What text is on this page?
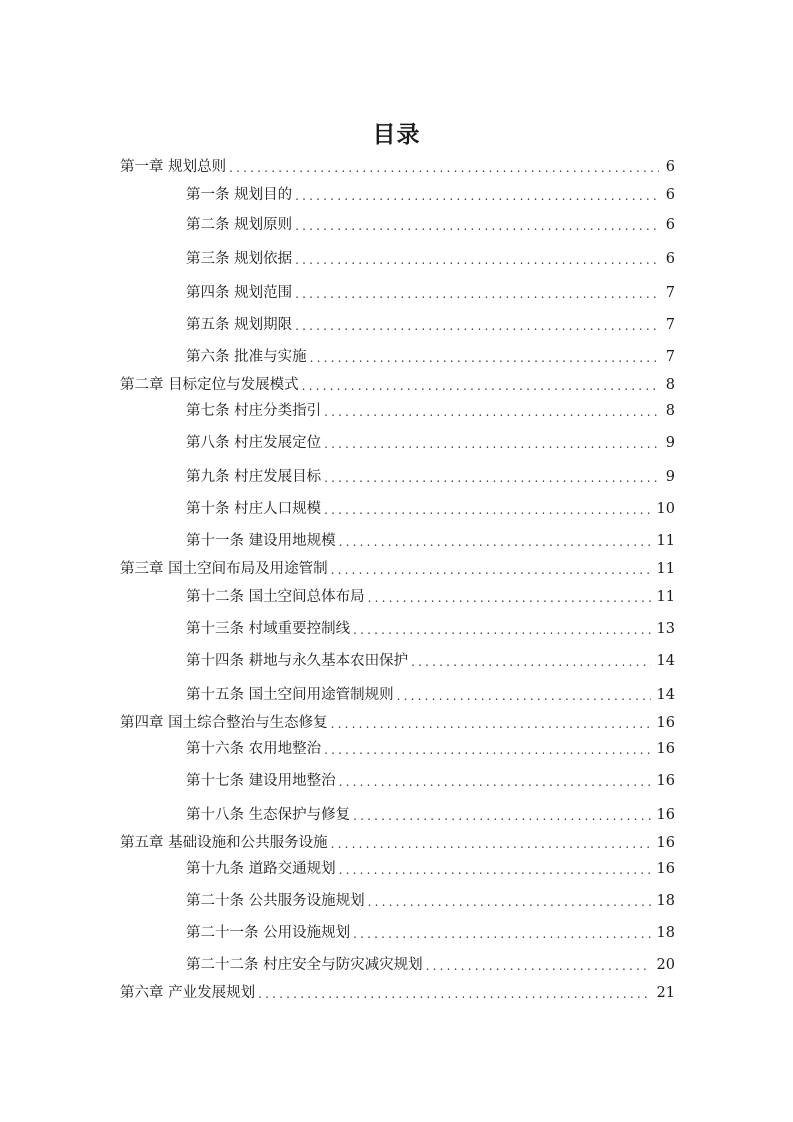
目录
第一章 规划总则 .....	6
第一条 规划目的 .....	6
第二条 规划原则 .....	6
第三条 规划依据 .....	6
第四条 规划范围 .....	7
第五条 规划期限 .....	7
第六条 批准与实施 .....	7
第二章 目标定位与发展模式 .....	8
第七条 村庄分类指引 .....	8
第八条 村庄发展定位 .....	9
第九条 村庄发展目标 .....	9
第十条 村庄人口规模 .....	10
第十一条 建设用地规模 .....	11
第三章 国土空间布局及用途管制 .....	11
第十二条 国土空间总体布局 .....	11
第十三条 村域重要控制线 .....	13
第十四条 耕地与永久基本农田保护 .....	14
第十五条 国土空间用途管制规则 .....	14
第四章 国土综合整治与生态修复 .....	16
第十六条 农用地整治 .....	16
第十七条 建设用地整治 .....	16
第十八条 生态保护与修复 .....	16
第五章 基础设施和公共服务设施 .....	16
第十九条 道路交通规划 .....	16
第二十条 公共服务设施规划 .....	18
第二十一条 公用设施规划 .....	18
第二十二条 村庄安全与防灾减灾规划 .....	20
第六章 产业发展规划 .....	21
